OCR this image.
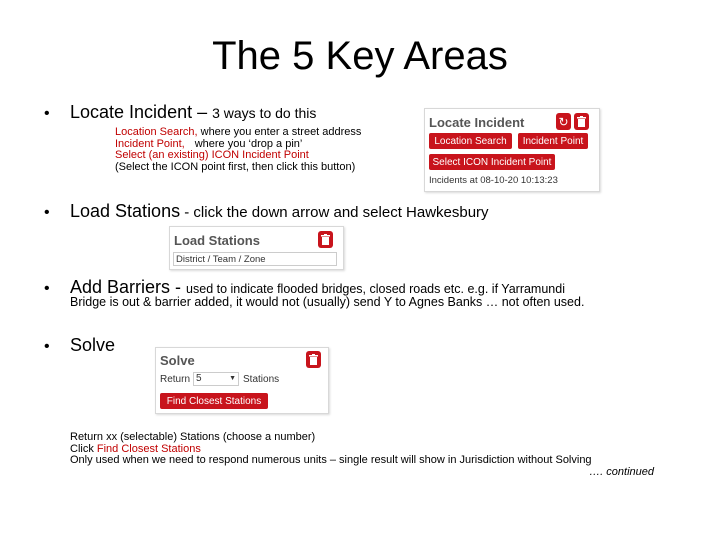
The 5 Key Areas
• Locate Incident – 3 ways to do this
Location Search, where you enter a street address
Incident Point, where you ‘drop a pin’
Select (an existing) ICON Incident Point
(Select the ICON point first, then click this button)
Locate Incident	↻
Location Search	Incident Point
Select ICON Incident Point
Incidents at 08-10-20 10:13:23
• Load Stations - click the down arrow and select Hawkesbury
Load Stations
District / Team / Zone
• Add Barriers - used to indicate flooded bridges, closed roads etc. e.g. if Yarramundi
Bridge is out & barrier added, it would not (usually) send Y to Agnes Banks … not often used.
• Solve
Solve
Return 5	▼ Stations
Find Closest Stations
Return xx (selectable) Stations (choose a number)
Click Find Closest Stations
Only used when we need to respond numerous units – single result will show in Jurisdiction without Solving
…. continued
